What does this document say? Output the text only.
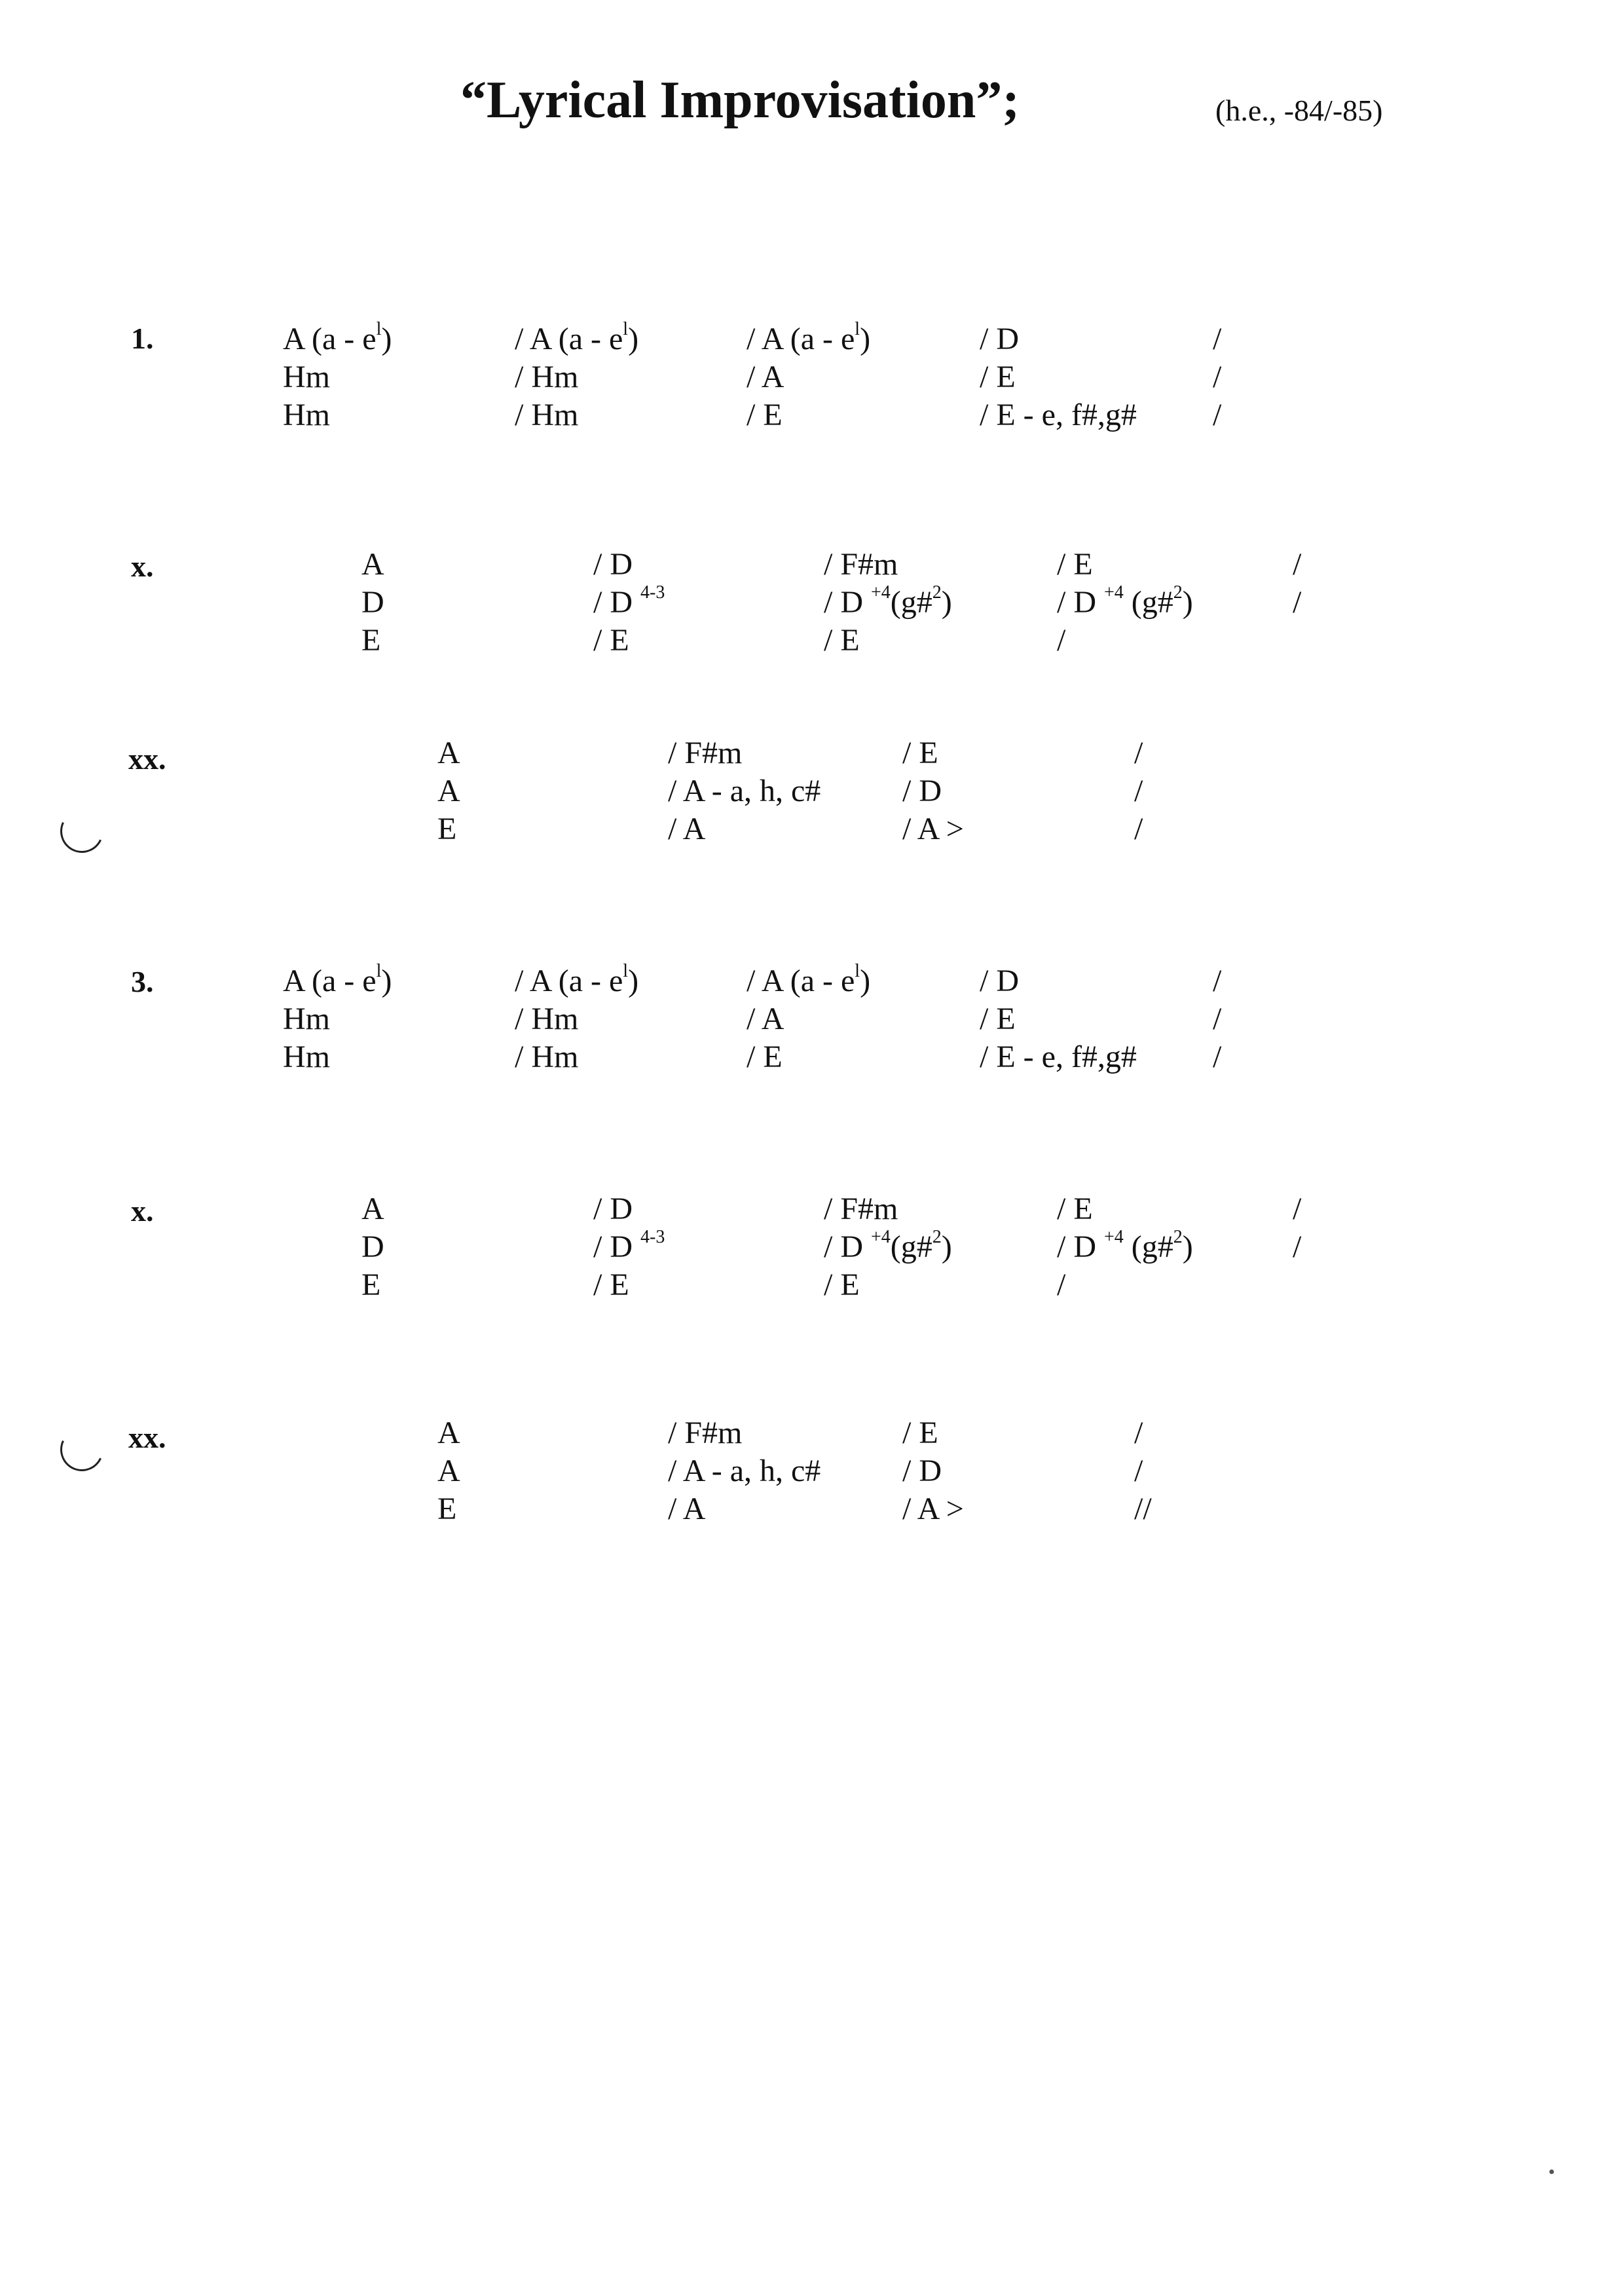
“Lyrical Improvisation”;	(h.e., -84/-85)
1.	A $(a - e^l)$	/ A $(a - e^l)$	/ A $(a - e^l)$	/ D	/
Hm	/ Hm	/ A	/ E	/
Hm	/ Hm	/ E	/ E - e, f#,g# /
x.	A	/ D	/ F#m	/ E	/
D	/ D $^{4-3}$	/ D $^{+4}$(g#$^2$)	/ D $^{+4}$ (g#$^2$)	/
E	/ E	/ E	/
xx.	A	/ F#m	/ E	/
A	/ A - a, h, c#	/ D	/
E	/ A	/ A >	/
3.	A $(a - e^l)$	/ A $(a - e^l)$	/ A $(a - e^l)$	/ D	/
Hm	/ Hm	/ A	/ E	/
Hm	/ Hm	/ E	/ E - e, f#,g# /
x.	A	/ D	/ F#m	/ E	/
D	/ D $^{4-3}$	/ D $^{+4}$(g#$^2$)	/ D $^{+4}$ (g#$^2$)	/
E	/ E	/ E	/
xx.	A	/ F#m	/ E	/
A	/ A - a, h, c#	/ D	/
E	/ A	/ A >	//
